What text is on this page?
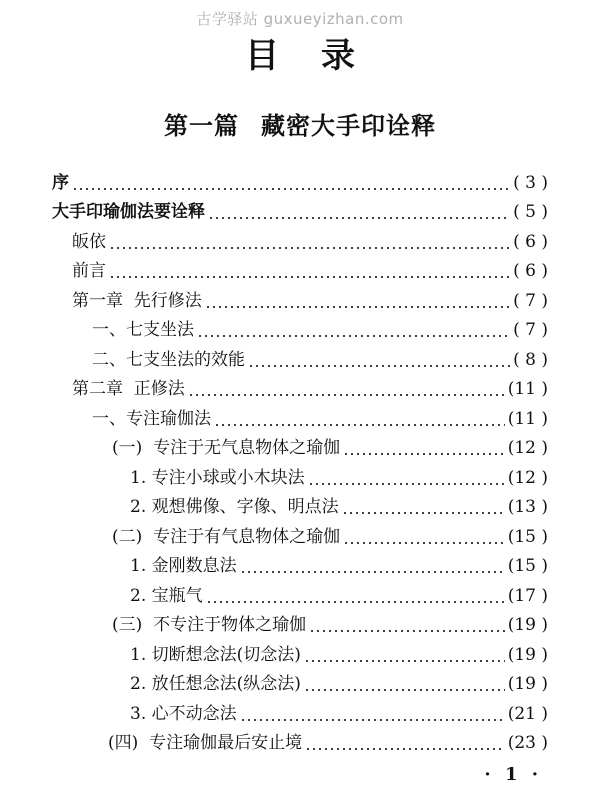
古学驿站 guxueyizhan.com
目录
第一篇 藏密大手印诠释
序	( 3 )
大手印瑜伽法要诠释	( 5 )
皈依	( 6 )
前言	( 6 )
第一章  先行修法	( 7 )
一、七支坐法	( 7 )
二、七支坐法的效能	( 8 )
第二章  正修法	(11 )
一、专注瑜伽法	(11 )
(一)  专注于无气息物体之瑜伽	(12 )
1. 专注小球或小木块法	(12 )
2. 观想佛像、字像、明点法	(13 )
(二)  专注于有气息物体之瑜伽	(15 )
1. 金刚数息法	(15 )
2. 宝瓶气	(17 )
(三)  不专注于物体之瑜伽	(19 )
1. 切断想念法(切念法)	(19 )
2. 放任想念法(纵念法)	(19 )
3. 心不动念法	(21 )
(四)  专注瑜伽最后安止境	(23 )
· 1 ·
